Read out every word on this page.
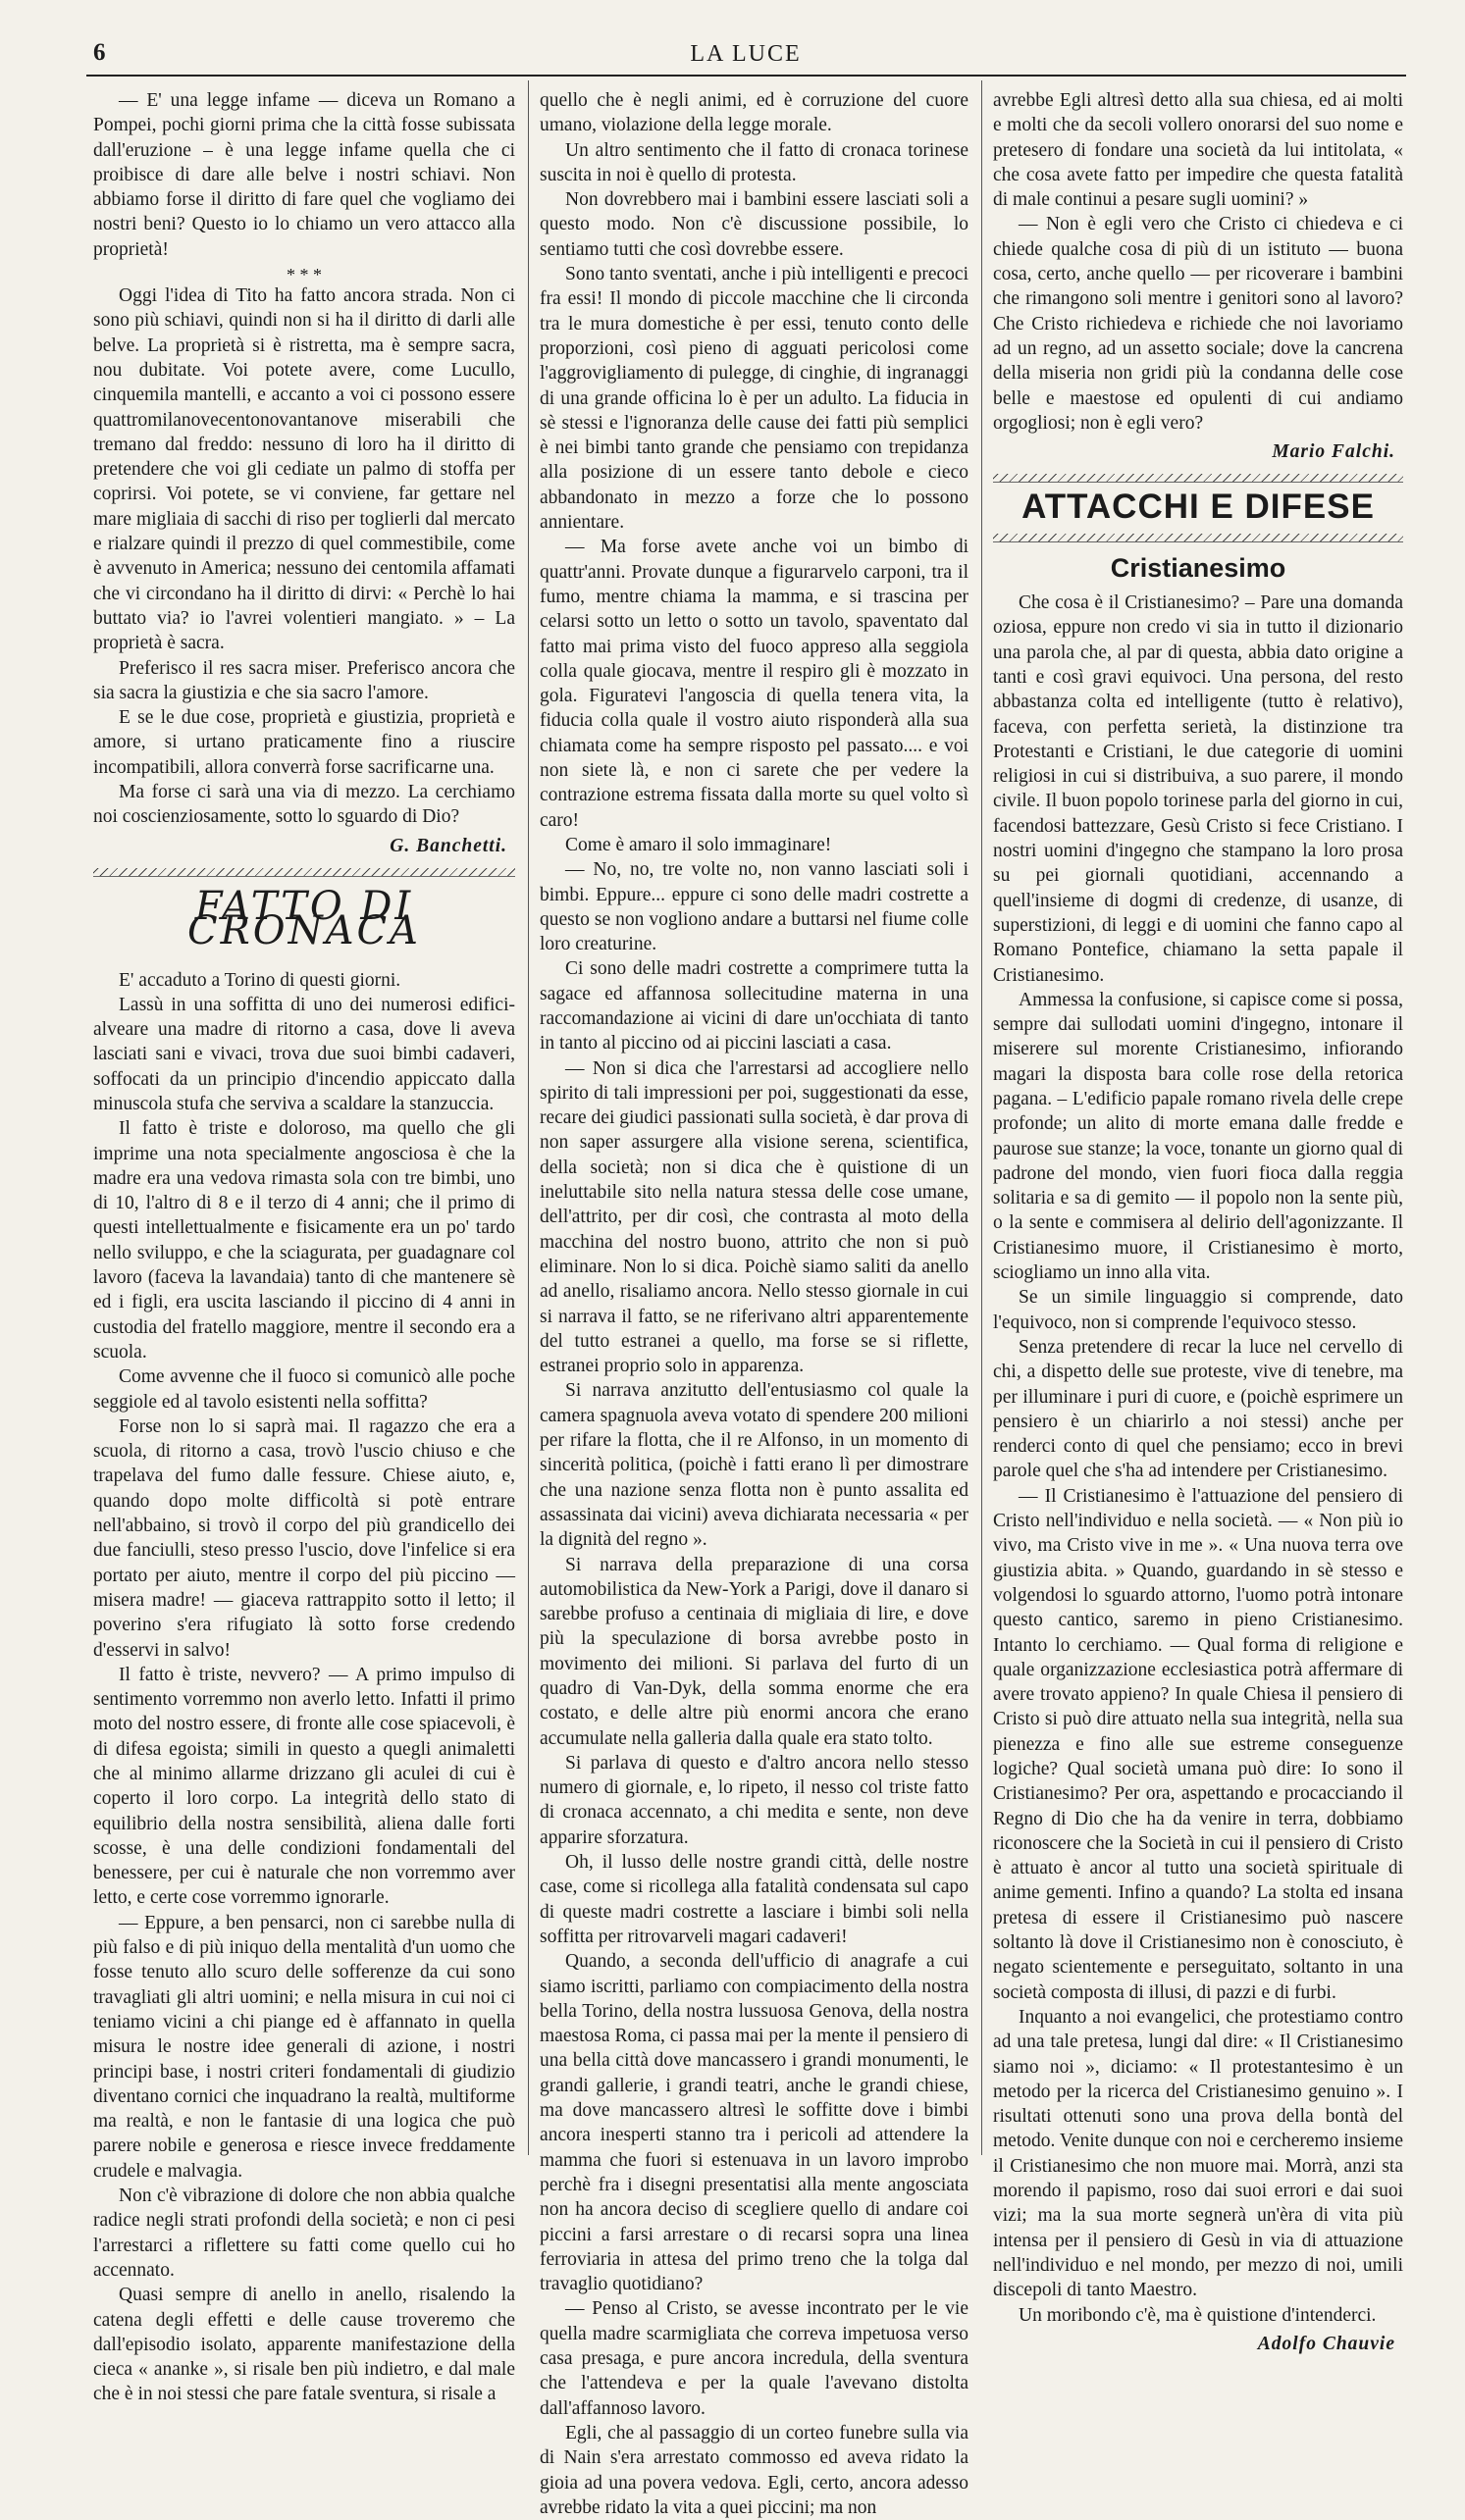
6	LA LUCE

— E' una legge infame — diceva un Romano a Pompei, pochi giorni prima che la città fosse subissata dall'eruzione – è una legge infame quella che ci proibisce di dare alle belve i nostri schiavi. Non abbiamo forse il diritto di fare quel che vogliamo dei nostri beni? Questo io lo chiamo un vero attacco alla proprietà!

* * *

Oggi l'idea di Tito ha fatto ancora strada. Non ci sono più schiavi, quindi non si ha il diritto di darli alle belve. La proprietà si è ristretta, ma è sempre sacra, nou dubitate. Voi potete avere, come Lucullo, cinquemila mantelli, e accanto a voi ci possono essere quattromilanovecentonovantanove miserabili che tremano dal freddo: nessuno di loro ha il diritto di pretendere che voi gli cediate un palmo di stoffa per coprirsi. Voi potete, se vi conviene, far gettare nel mare migliaia di sacchi di riso per toglierli dal mercato e rialzare quindi il prezzo di quel commestibile, come è avvenuto in America; nessuno dei centomila affamati che vi circondano ha il diritto di dirvi: « Perchè lo hai buttato via? io l'avrei volentieri mangiato. » – La proprietà è sacra.

Preferisco il res sacra miser. Preferisco ancora che sia sacra la giustizia e che sia sacro l'amore.

E se le due cose, proprietà e giustizia, proprietà e amore, si urtano praticamente fino a riuscire incompatibili, allora converrà forse sacrificarne una.

Ma forse ci sarà una via di mezzo. La cerchiamo noi coscienziosamente, sotto lo sguardo di Dio?

G. Banchetti.
FATTO DI CRONACA

E' accaduto a Torino di questi giorni.

Lassù in una soffitta di uno dei numerosi edifici-alveare una madre di ritorno a casa, dove li aveva lasciati sani e vivaci, trova due suoi bimbi cadaveri, soffocati da un principio d'incendio appiccato dalla minuscola stufa che serviva a scaldare la stanzuccia.

Il fatto è triste e doloroso, ma quello che gli imprime una nota specialmente angosciosa è che la madre era una vedova rimasta sola con tre bimbi, uno di 10, l'altro di 8 e il terzo di 4 anni; che il primo di questi intellettualmente e fisicamente era un po' tardo nello sviluppo, e che la sciagurata, per guadagnare col lavoro (faceva la lavandaia) tanto di che mantenere sè ed i figli, era uscita lasciando il piccino di 4 anni in custodia del fratello maggiore, mentre il secondo era a scuola.

Come avvenne che il fuoco si comunicò alle poche seggiole ed al tavolo esistenti nella soffitta?

Forse non lo si saprà mai. Il ragazzo che era a scuola, di ritorno a casa, trovò l'uscio chiuso e che trapelava del fumo dalle fessure. Chiese aiuto, e, quando dopo molte difficoltà si potè entrare nell'abbaino, si trovò il corpo del più grandicello dei due fanciulli, steso presso l'uscio, dove l'infelice si era portato per aiuto, mentre il corpo del più piccino — misera madre! — giaceva rattrappito sotto il letto; il poverino s'era rifugiato là sotto forse credendo d'esservi in salvo!

Il fatto è triste, nevvero? — A primo impulso di sentimento vorremmo non averlo letto. Infatti il primo moto del nostro essere, di fronte alle cose spiacevoli, è di difesa egoista; simili in questo a quegli animaletti che al minimo allarme drizzano gli aculei di cui è coperto il loro corpo. La integrità dello stato di equilibrio della nostra sensibilità, aliena dalle forti scosse, è una delle condizioni fondamentali del benessere, per cui è naturale che non vorremmo aver letto, e certe cose vorremmo ignorarle.

— Eppure, a ben pensarci, non ci sarebbe nulla di più falso e di più iniquo della mentalità d'un uomo che fosse tenuto allo scuro delle sofferenze da cui sono travagliati gli altri uomini; e nella misura in cui noi ci teniamo vicini a chi piange ed è affannato in quella misura le nostre idee generali di azione, i nostri principi base, i nostri criteri fondamentali di giudizio diventano cornici che inquadrano la realtà, multiforme ma realtà, e non le fantasie di una logica che può parere nobile e generosa e riesce invece freddamente crudele e malvagia.

Non c'è vibrazione di dolore che non abbia qualche radice negli strati profondi della società; e non ci pesi l'arrestarci a riflettere su fatti come quello cui ho accennato.

Quasi sempre di anello in anello, risalendo la catena degli effetti e delle cause troveremo che dall'episodio isolato, apparente manifestazione della cieca « ananke », si risale ben più indietro, e dal male che è in noi stessi che pare fatale sventura, si risale a

quello che è negli animi, ed è corruzione del cuore umano, violazione della legge morale.

Un altro sentimento che il fatto di cronaca torinese suscita in noi è quello di protesta.

Non dovrebbero mai i bambini essere lasciati soli a questo modo. Non c'è discussione possibile, lo sentiamo tutti che così dovrebbe essere.

Sono tanto sventati, anche i più intelligenti e precoci fra essi! Il mondo di piccole macchine che li circonda tra le mura domestiche è per essi, tenuto conto delle proporzioni, così pieno di agguati pericolosi come l'aggrovigliamento di pulegge, di cinghie, di ingranaggi di una grande officina lo è per un adulto. La fiducia in sè stessi e l'ignoranza delle cause dei fatti più semplici è nei bimbi tanto grande che pensiamo con trepidanza alla posizione di un essere tanto debole e cieco abbandonato in mezzo a forze che lo possono annientare.

— Ma forse avete anche voi un bimbo di quattr'anni. Provate dunque a figurarvelo carponi, tra il fumo, mentre chiama la mamma, e si trascina per celarsi sotto un letto o sotto un tavolo, spaventato dal fatto mai prima visto del fuoco appreso alla seggiola colla quale giocava, mentre il respiro gli è mozzato in gola. Figuratevi l'angoscia di quella tenera vita, la fiducia colla quale il vostro aiuto risponderà alla sua chiamata come ha sempre risposto pel passato.... e voi non siete là, e non ci sarete che per vedere la contrazione estrema fissata dalla morte su quel volto sì caro!

Come è amaro il solo immaginare!

— No, no, tre volte no, non vanno lasciati soli i bimbi. Eppure... eppure ci sono delle madri costrette a questo se non vogliono andare a buttarsi nel fiume colle loro creaturine.

Ci sono delle madri costrette a comprimere tutta la sagace ed affannosa sollecitudine materna in una raccomandazione ai vicini di dare un'occhiata di tanto in tanto al piccino od ai piccini lasciati a casa.

— Non si dica che l'arrestarsi ad accogliere nello spirito di tali impressioni per poi, suggestionati da esse, recare dei giudici passionati sulla società, è dar prova di non saper assurgere alla visione serena, scientifica, della società; non si dica che è quistione di un ineluttabile sito nella natura stessa delle cose umane, dell'attrito, per dir così, che contrasta al moto della macchina del nostro buono, attrito che non si può eliminare. Non lo si dica. Poichè siamo saliti da anello ad anello, risaliamo ancora. Nello stesso giornale in cui si narrava il fatto, se ne riferivano altri apparentemente del tutto estranei a quello, ma forse se si riflette, estranei proprio solo in apparenza.

Si narrava anzitutto dell'entusiasmo col quale la camera spagnuola aveva votato di spendere 200 milioni per rifare la flotta, che il re Alfonso, in un momento di sincerità politica, (poichè i fatti erano lì per dimostrare che una nazione senza flotta non è punto assalita ed assassinata dai vicini) aveva dichiarata necessaria « per la dignità del regno ».

Si narrava della preparazione di una corsa automobilistica da New-York a Parigi, dove il danaro si sarebbe profuso a centinaia di migliaia di lire, e dove più la speculazione di borsa avrebbe posto in movimento dei milioni. Si parlava del furto di un quadro di Van-Dyk, della somma enorme che era costato, e delle altre più enormi ancora che erano accumulate nella galleria dalla quale era stato tolto.

Si parlava di questo e d'altro ancora nello stesso numero di giornale, e, lo ripeto, il nesso col triste fatto di cronaca accennato, a chi medita e sente, non deve apparire sforzatura.

Oh, il lusso delle nostre grandi città, delle nostre case, come si ricollega alla fatalità condensata sul capo di queste madri costrette a lasciare i bimbi soli nella soffitta per ritrovarveli magari cadaveri!

Quando, a seconda dell'ufficio di anagrafe a cui siamo iscritti, parliamo con compiacimento della nostra bella Torino, della nostra lussuosa Genova, della nostra maestosa Roma, ci passa mai per la mente il pensiero di una bella città dove mancassero i grandi monumenti, le grandi gallerie, i grandi teatri, anche le grandi chiese, ma dove mancassero altresì le soffitte dove i bimbi ancora inesperti stanno tra i pericoli ad attendere la mamma che fuori si estenuava in un lavoro improbo perchè fra i disegni presentatisi alla mente angosciata non ha ancora deciso di scegliere quello di andare coi piccini a farsi arrestare o di recarsi sopra una linea ferroviaria in attesa del primo treno che la tolga dal travaglio quotidiano?

— Penso al Cristo, se avesse incontrato per le vie quella madre scarmigliata che correva impetuosa verso casa presaga, e pure ancora incredula, della sventura che l'attendeva e per la quale l'avevano distolta dall'affannoso lavoro.

Egli, che al passaggio di un corteo funebre sulla via di Nain s'era arrestato commosso ed aveva ridato la gioia ad una povera vedova. Egli, certo, ancora adesso avrebbe ridato la vita a quei piccini; ma non

avrebbe Egli altresì detto alla sua chiesa, ed ai molti e molti che da secoli vollero onorarsi del suo nome e pretesero di fondare una società da lui intitolata, « che cosa avete fatto per impedire che questa fatalità di male continui a pesare sugli uomini? »

— Non è egli vero che Cristo ci chiedeva e ci chiede qualche cosa di più di un istituto — buona cosa, certo, anche quello — per ricoverare i bambini che rimangono soli mentre i genitori sono al lavoro? Che Cristo richiedeva e richiede che noi lavoriamo ad un regno, ad un assetto sociale; dove la cancrena della miseria non gridi più la condanna delle cose belle e maestose ed opulenti di cui andiamo orgogliosi; non è egli vero?

Mario Falchi.
ATTACCHI E DIFESE
Cristianesimo

Che cosa è il Cristianesimo? – Pare una domanda oziosa, eppure non credo vi sia in tutto il dizionario una parola che, al par di questa, abbia dato origine a tanti e così gravi equivoci. Una persona, del resto abbastanza colta ed intelligente (tutto è relativo), faceva, con perfetta serietà, la distinzione tra Protestanti e Cristiani, le due categorie di uomini religiosi in cui si distribuiva, a suo parere, il mondo civile. Il buon popolo torinese parla del giorno in cui, facendosi battezzare, Gesù Cristo si fece Cristiano. I nostri uomini d'ingegno che stampano la loro prosa su pei giornali quotidiani, accennando a quell'insieme di dogmi di credenze, di usanze, di superstizioni, di leggi e di uomini che fanno capo al Romano Pontefice, chiamano la setta papale il Cristianesimo.

Ammessa la confusione, si capisce come si possa, sempre dai sullodati uomini d'ingegno, intonare il miserere sul morente Cristianesimo, infiorando magari la disposta bara colle rose della retorica pagana. – L'edificio papale romano rivela delle crepe profonde; un alito di morte emana dalle fredde e paurose sue stanze; la voce, tonante un giorno qual di padrone del mondo, vien fuori fioca dalla reggia solitaria e sa di gemito — il popolo non la sente più, o la sente e commisera al delirio dell'agonizzante. Il Cristianesimo muore, il Cristianesimo è morto, sciogliamo un inno alla vita.

Se un simile linguaggio si comprende, dato l'equivoco, non si comprende l'equivoco stesso.

Senza pretendere di recar la luce nel cervello di chi, a dispetto delle sue proteste, vive di tenebre, ma per illuminare i puri di cuore, e (poichè esprimere un pensiero è un chiarirlo a noi stessi) anche per renderci conto di quel che pensiamo; ecco in brevi parole quel che s'ha ad intendere per Cristianesimo.

— Il Cristianesimo è l'attuazione del pensiero di Cristo nell'individuo e nella società. — « Non più io vivo, ma Cristo vive in me ». « Una nuova terra ove giustizia abita. » Quando, guardando in sè stesso e volgendosi lo sguardo attorno, l'uomo potrà intonare questo cantico, saremo in pieno Cristianesimo. Intanto lo cerchiamo. — Qual forma di religione e quale organizzazione ecclesiastica potrà affermare di avere trovato appieno? In quale Chiesa il pensiero di Cristo si può dire attuato nella sua integrità, nella sua pienezza e fino alle sue estreme conseguenze logiche? Qual società umana può dire: Io sono il Cristianesimo? Per ora, aspettando e procacciando il Regno di Dio che ha da venire in terra, dobbiamo riconoscere che la Società in cui il pensiero di Cristo è attuato è ancor al tutto una società spirituale di anime gementi. Infino a quando? La stolta ed insana pretesa di essere il Cristianesimo può nascere soltanto là dove il Cristianesimo non è conosciuto, è negato scientemente e perseguitato, soltanto in una società composta di illusi, di pazzi e di furbi.

Inquanto a noi evangelici, che protestiamo contro ad una tale pretesa, lungi dal dire: « Il Cristianesimo siamo noi », diciamo: « Il protestantesimo è un metodo per la ricerca del Cristianesimo genuino ». I risultati ottenuti sono una prova della bontà del metodo. Venite dunque con noi e cercheremo insieme il Cristianesimo che non muore mai. Morrà, anzi sta morendo il papismo, roso dai suoi errori e dai suoi vizi; ma la sua morte segnerà un'èra di vita più intensa per il pensiero di Gesù in via di attuazione nell'individuo e nel mondo, per mezzo di noi, umili discepoli di tanto Maestro.

Un moribondo c'è, ma è quistione d'intenderci.

Adolfo Chauvie
